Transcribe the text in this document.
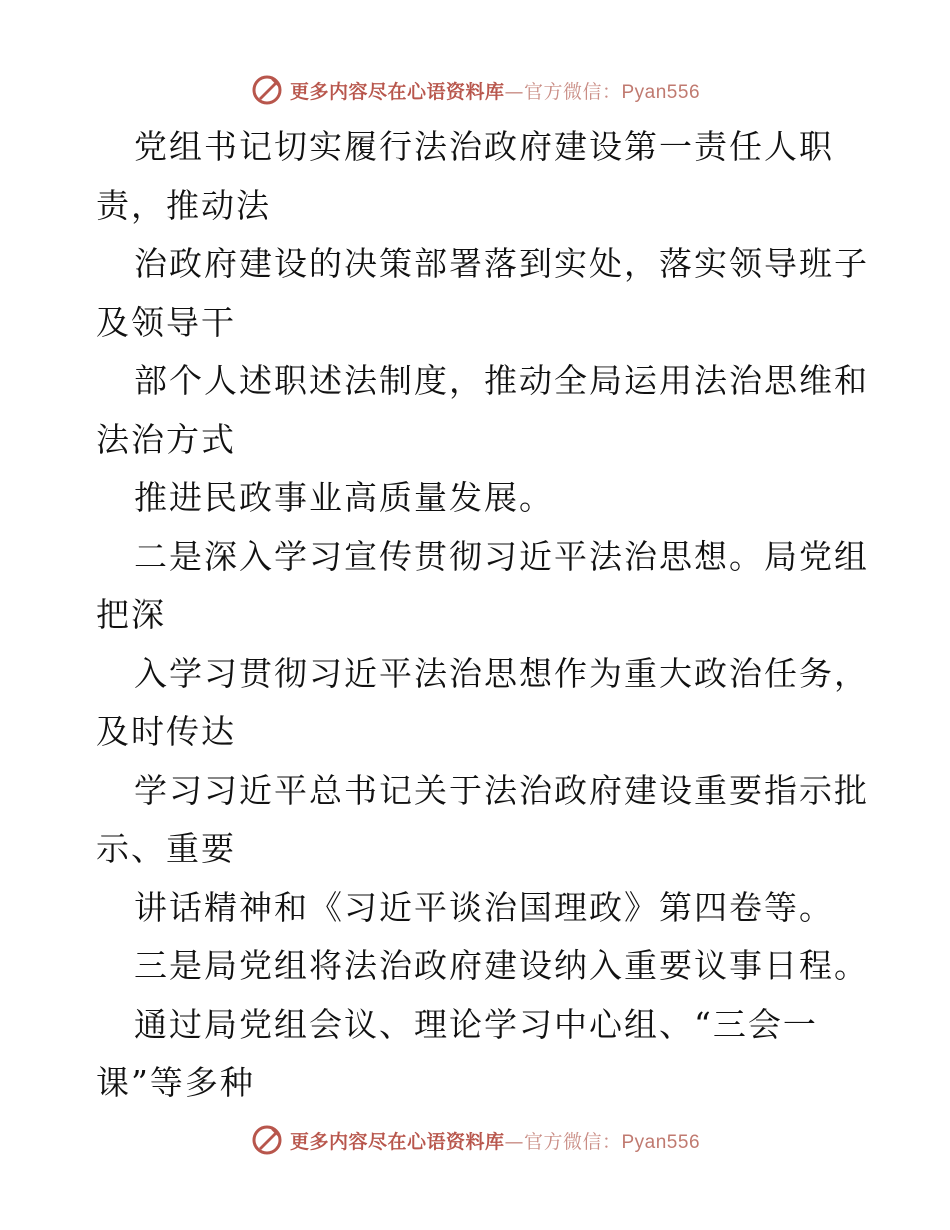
更多内容尽在心语资料库—官方微信：Pyan556
党组书记切实履行法治政府建设第一责任人职
责，推动法
治政府建设的决策部署落到实处，落实领导班子
及领导干
部个人述职述法制度，推动全局运用法治思维和
法治方式
推进民政事业高质量发展。
二是深入学习宣传贯彻习近平法治思想。局党组
把深
入学习贯彻习近平法治思想作为重大政治任务，
及时传达
学习习近平总书记关于法治政府建设重要指示批
示、重要
讲话精神和《习近平谈治国理政》第四卷等。
三是局党组将法治政府建设纳入重要议事日程。
通过局党组会议、理论学习中心组、“三会一
课”等多种
更多内容尽在心语资料库—官方微信：Pyan556
